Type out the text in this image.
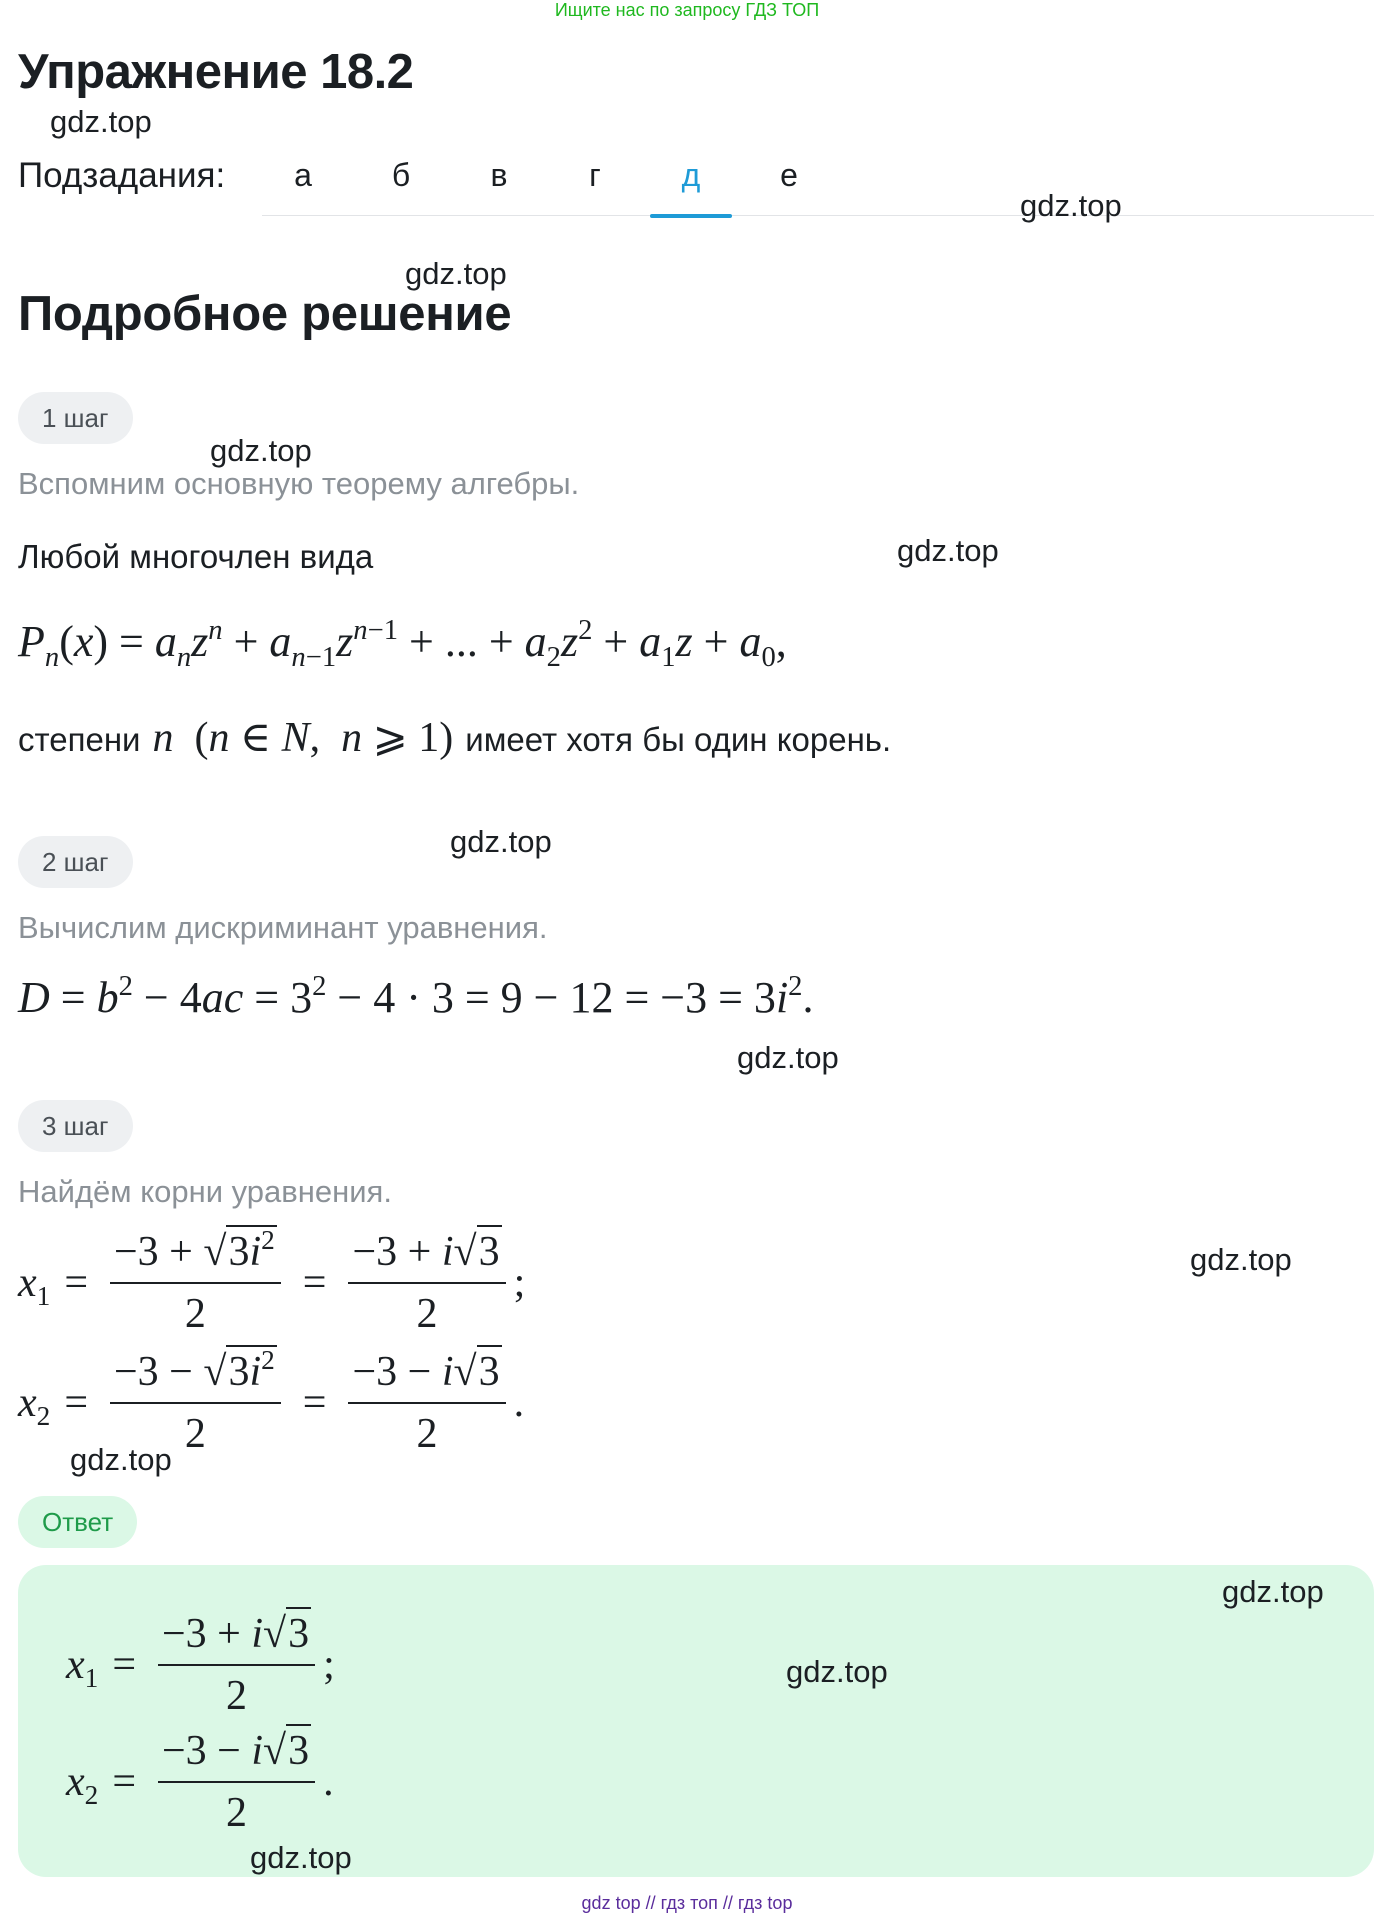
Ищите нас по запросу ГДЗ ТОП
Упражнение 18.2
gdz.top
Подзадания:	а	б	в	г	д	е
gdz.top
gdz.top
Подробное решение
1 шаг
gdz.top
Вспомним основную теорему алгебры.
Любой многочлен вида	gdz.top
$P_n(x) = a_nz^n + a_{n-1}z^{n-1}$ + ... + $a_2z^2 + a_1z + a_0$,
степени n  (n ∈ N,  n ⩾ 1) имеет хотя бы один корень.
gdz.top
2 шаг
Вычислим дискриминант уравнения.
$D = b^2 - 4ac = 3^2 - 4 \cdot 3 = 9 - 12 = -3 = 3i^2$.
gdz.top
3 шаг
Найдём корни уравнения.
$x_1 = \frac{-3 + √3i^2}{2} = \frac{-3 + i√3}{2}$ ;
gdz.top
$x_2 = \frac{-3 - √3i^2}{2} = \frac{-3 - i√3}{2}$ .
gdz.top
Ответ
gdz.top
$x_1 = \frac{-3 + i√3}{2}$ ;	gdz.top
$x_2 = \frac{-3 - i√3}{2}$ .
gdz.top
gdz top // гдз топ // гдз top
